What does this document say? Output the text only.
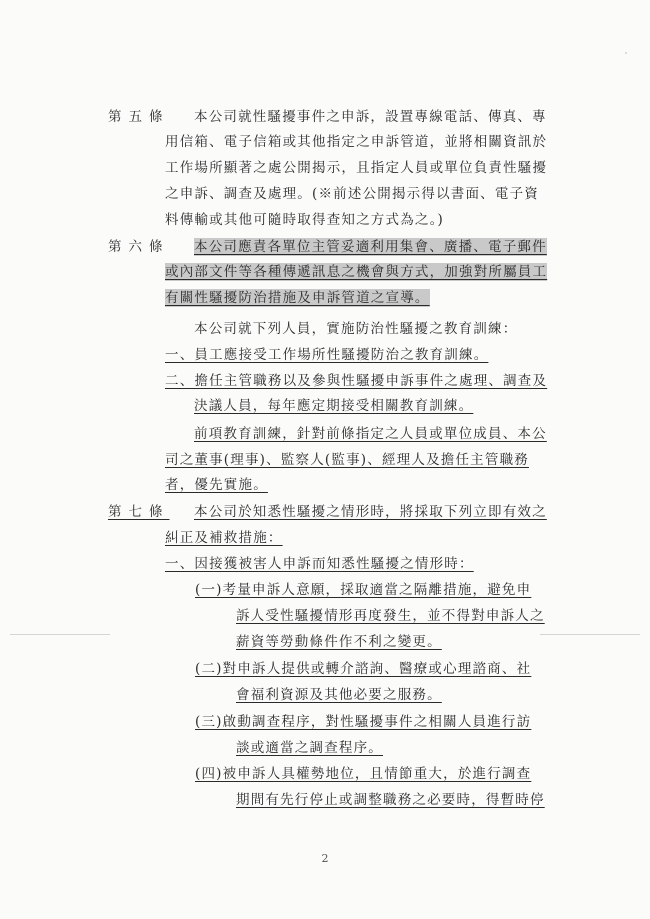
第五條 本公司就性騷擾事件之申訴，設置專線電話、傳真、專
用信箱、電子信箱或其他指定之申訴管道，並將相關資訊於
工作場所顯著之處公開揭示，且指定人員或單位負責性騷擾
之申訴、調查及處理。(※前述公開揭示得以書面、電子資
料傳輸或其他可隨時取得查知之方式為之。)
第六條 本公司應責各單位主管妥適利用集會、廣播、電子郵件
或內部文件等各種傳遞訊息之機會與方式，加強對所屬員工
有關性騷擾防治措施及申訴管道之宣導。
本公司就下列人員，實施防治性騷擾之教育訓練：
一、員工應接受工作場所性騷擾防治之教育訓練。
二、擔任主管職務以及參與性騷擾申訴事件之處理、調查及
決議人員，每年應定期接受相關教育訓練。
前項教育訓練，針對前條指定之人員或單位成員、本公
司之董事(理事)、監察人(監事)、經理人及擔任主管職務
者，優先實施。
第七條 本公司於知悉性騷擾之情形時，將採取下列立即有效之
糾正及補救措施：
一、因接獲被害人申訴而知悉性騷擾之情形時：
(一)考量申訴人意願，採取適當之隔離措施，避免申
訴人受性騷擾情形再度發生，並不得對申訴人之
薪資等勞動條件作不利之變更。
(二)對申訴人提供或轉介諮詢、醫療或心理諮商、社
會福利資源及其他必要之服務。
(三)啟動調查程序，對性騷擾事件之相關人員進行訪
談或適當之調查程序。
(四)被申訴人具權勢地位，且情節重大，於進行調查
期間有先行停止或調整職務之必要時，得暫時停
2
